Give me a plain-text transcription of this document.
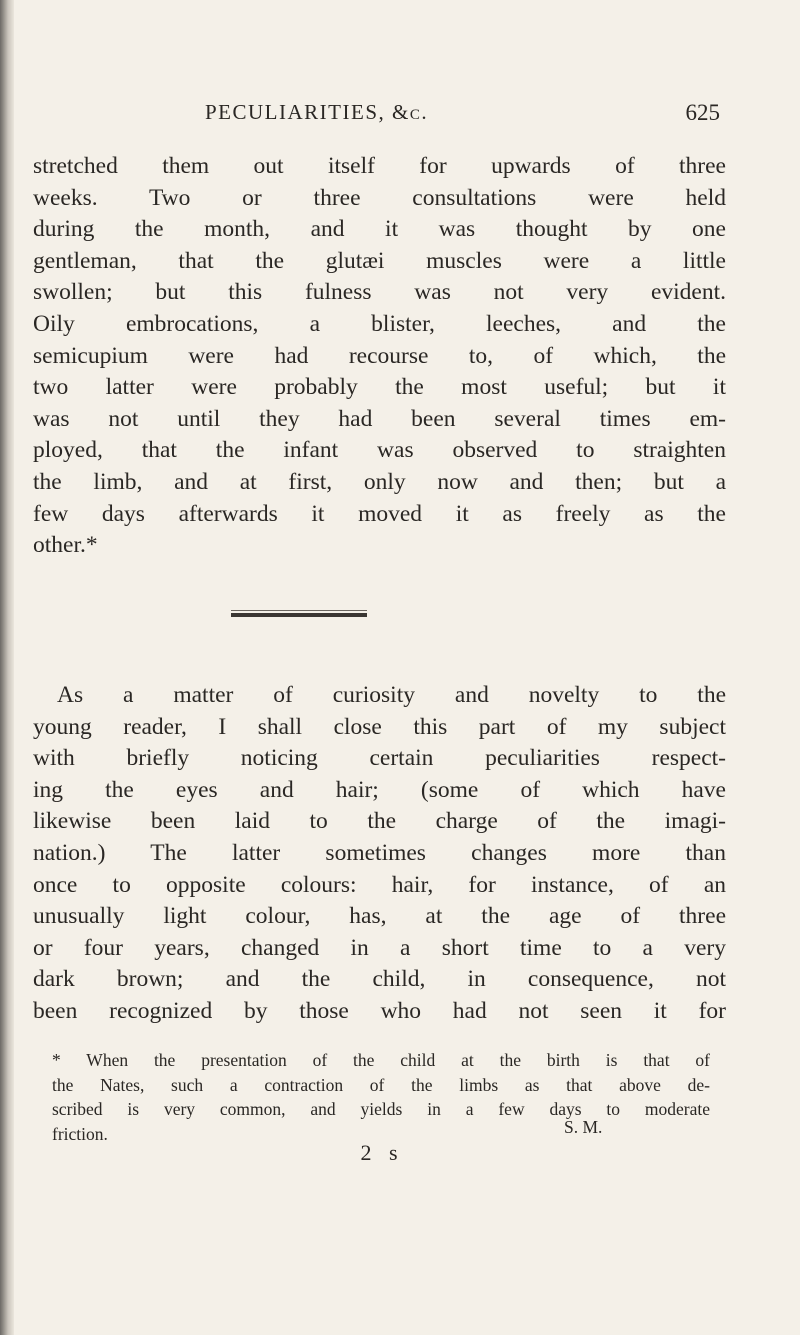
PECULIARITIES, &c.	625
stretched them out itself for upwards of three
weeks. Two or three consultations were held
during the month, and it was thought by one
gentleman, that the glutæi muscles were a little
swollen; but this fulness was not very evident.
Oily embrocations, a blister, leeches, and the
semicupium were had recourse to, of which, the
two latter were probably the most useful; but it
was not until they had been several times em-
ployed, that the infant was observed to straighten
the limb, and at first, only now and then; but a
few days afterwards it moved it as freely as the
other.*
As a matter of curiosity and novelty to the
young reader, I shall close this part of my subject
with briefly noticing certain peculiarities respect-
ing the eyes and hair; (some of which have
likewise been laid to the charge of the imagi-
nation.) The latter sometimes changes more than
once to opposite colours: hair, for instance, of an
unusually light colour, has, at the age of three
or four years, changed in a short time to a very
dark brown; and the child, in consequence, not
been recognized by those who had not seen it for
* When the presentation of the child at the birth is that of
the Nates, such a contraction of the limbs as that above de-
scribed is very common, and yields in a few days to moderate
friction.	S. M.
2 s
